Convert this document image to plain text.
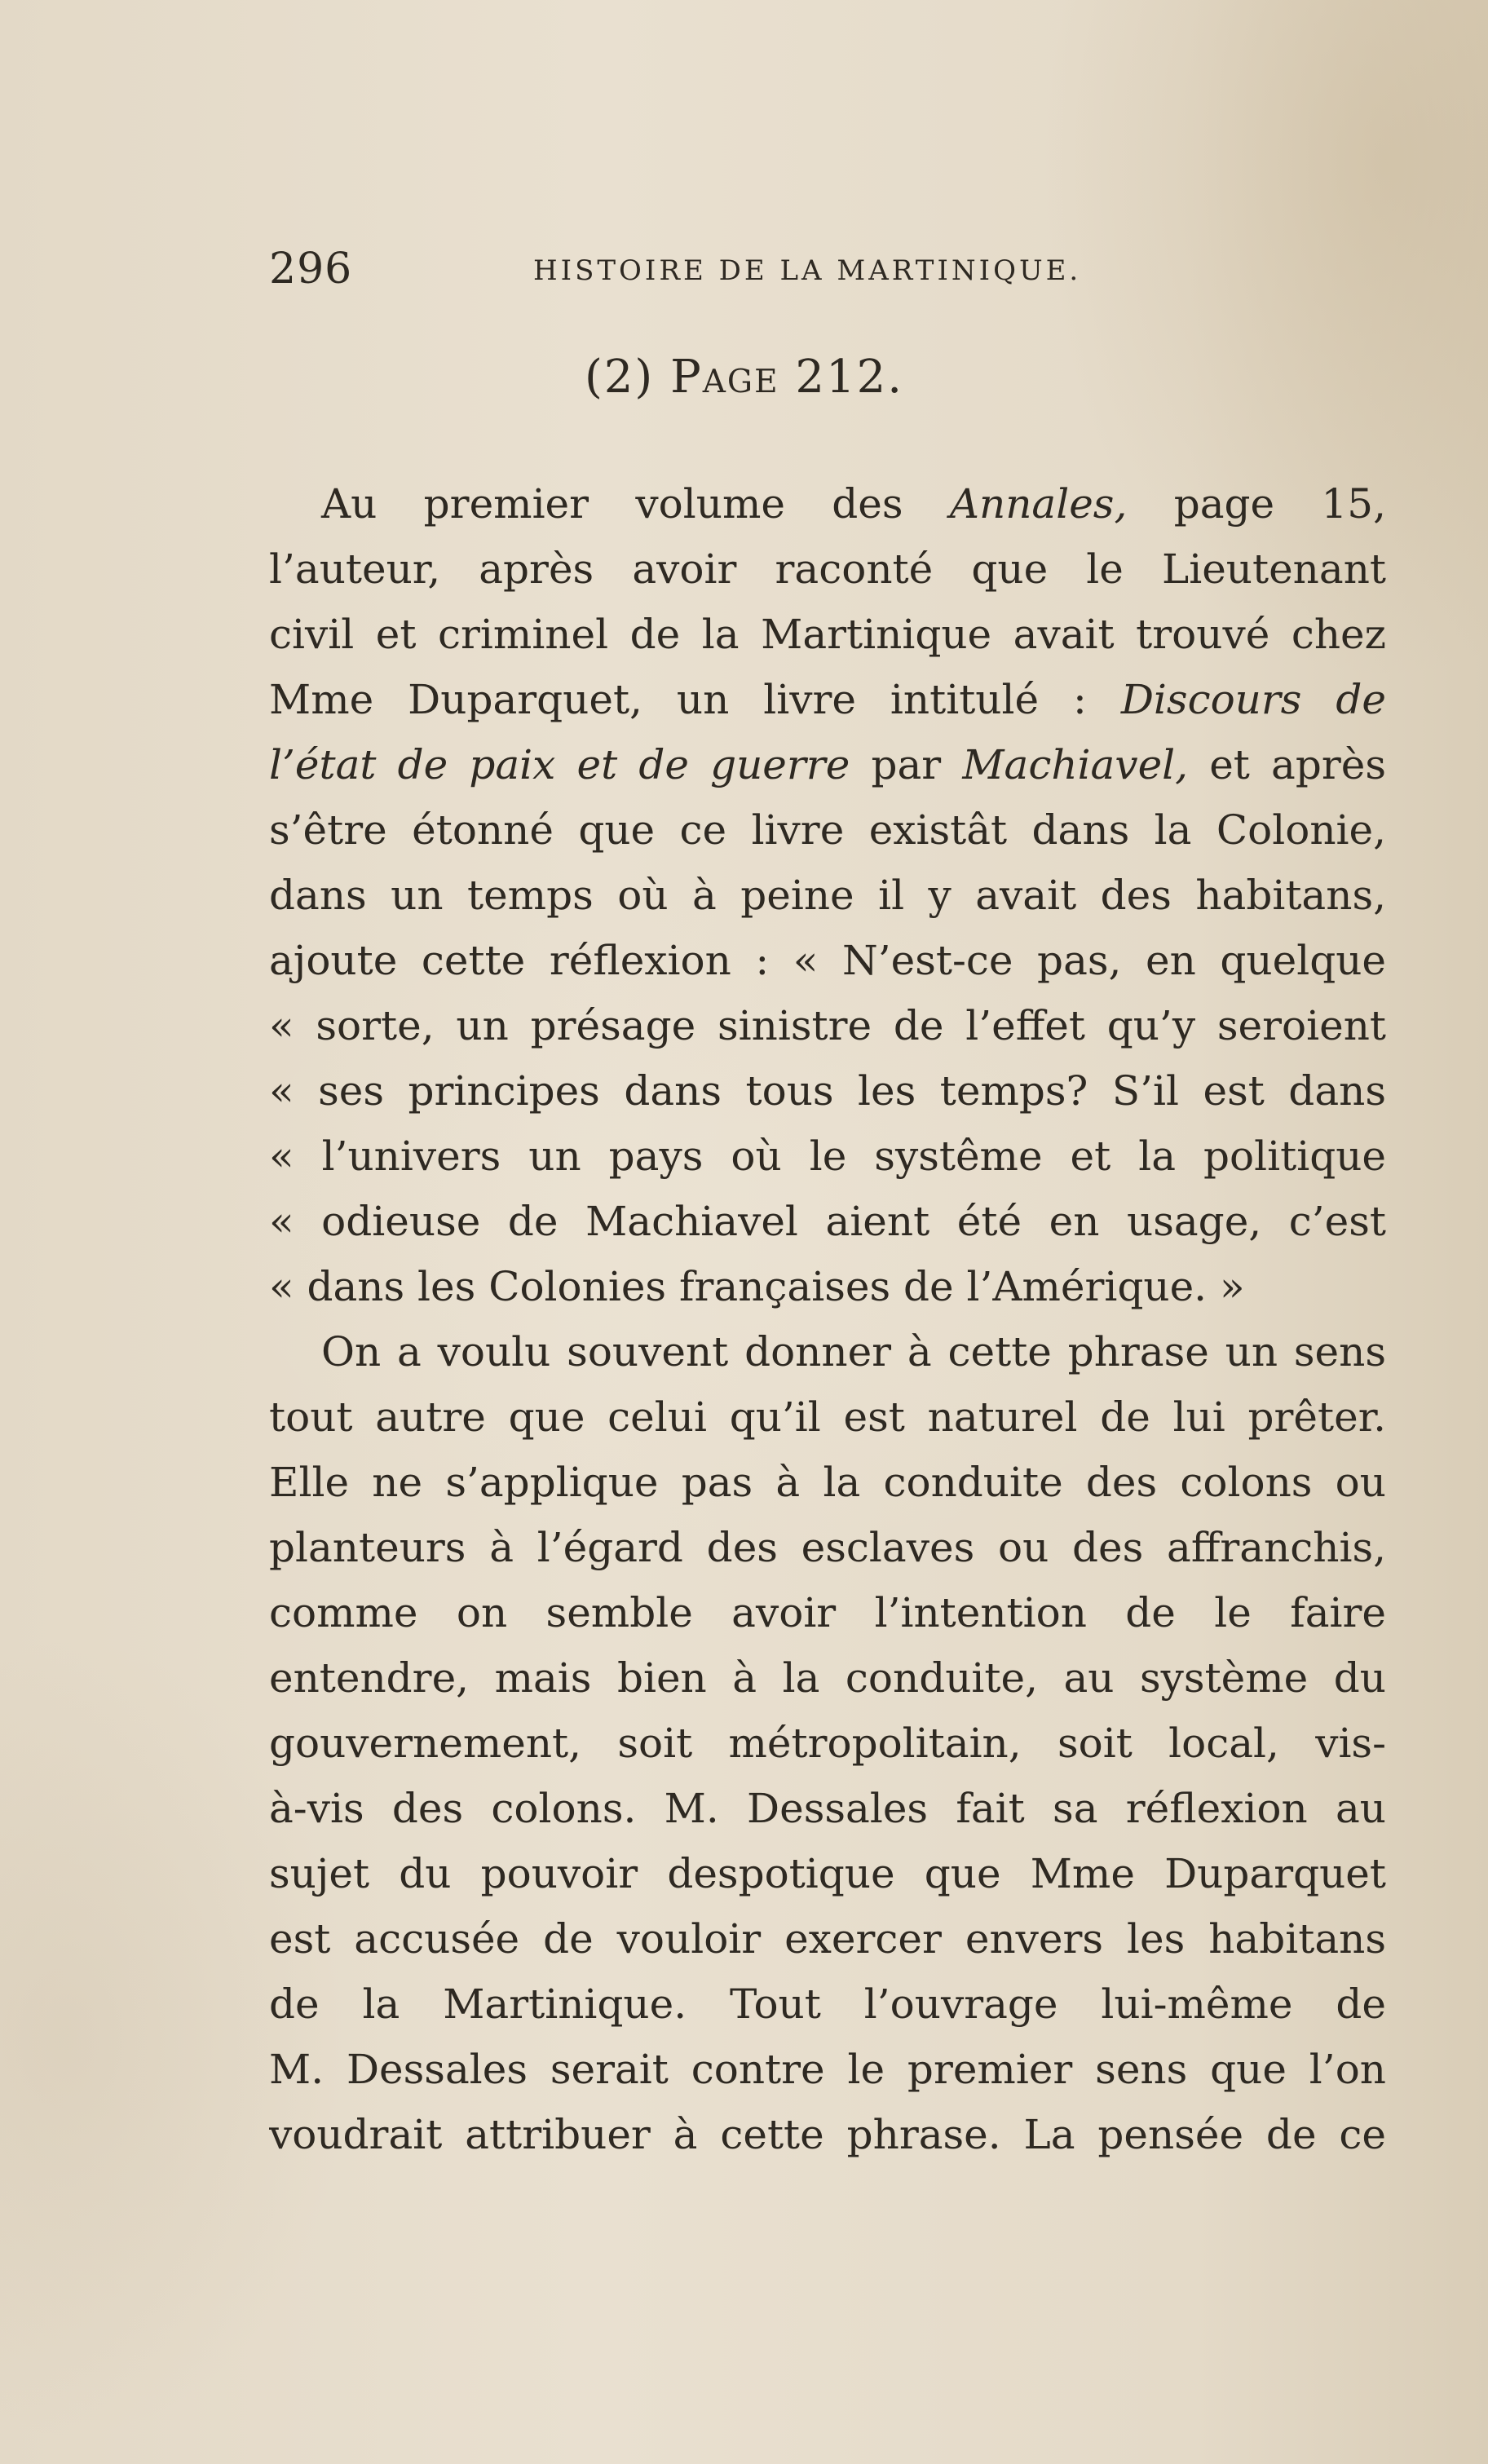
296	HISTOIRE DE LA MARTINIQUE.
(2) Page 212.
Au premier volume des Annales, page 15,
l’auteur, après avoir raconté que le Lieutenant
civil et criminel de la Martinique avait trouvé chez
Mme Duparquet, un livre intitulé : Discours de
l’état de paix et de guerre par Machiavel, et après
s’être étonné que ce livre existât dans la Colonie,
dans un temps où à peine il y avait des habitans,
ajoute cette réflexion : « N’est-ce pas, en quelque
« sorte, un présage sinistre de l’effet qu’y seroient
« ses principes dans tous les temps? S’il est dans
« l’univers un pays où le systême et la politique
« odieuse de Machiavel aient été en usage, c’est
« dans les Colonies françaises de l’Amérique. »
On a voulu souvent donner à cette phrase un sens
tout autre que celui qu’il est naturel de lui prêter.
Elle ne s’applique pas à la conduite des colons ou
planteurs à l’égard des esclaves ou des affranchis,
comme on semble avoir l’intention de le faire
entendre, mais bien à la conduite, au système du
gouvernement, soit métropolitain, soit local, vis-
à-vis des colons. M. Dessales fait sa réflexion au
sujet du pouvoir despotique que Mme Duparquet
est accusée de vouloir exercer envers les habitans
de la Martinique. Tout l’ouvrage lui-même de
M. Dessales serait contre le premier sens que l’on
voudrait attribuer à cette phrase. La pensée de ce
